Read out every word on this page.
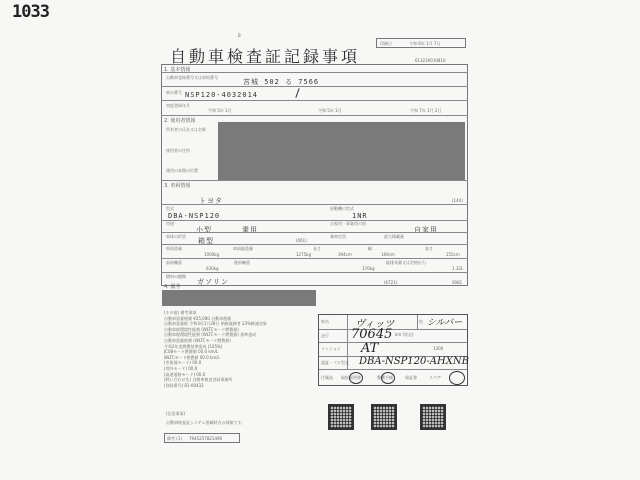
1033
B
自動車検査証記録事項
印刷日	令和 6年 1月 7日
613230010810
1. 基本情報
自動車登録番号又は車両番号
宮城 502 る 7566
車台番号 NSP120-4032014
初度登録年月
令和 5年 1月	令和 5年 1月	令和 7年 1月 2日
2. 使用者情報
所有者の氏名又は名称
使用者の住所
使用の本拠の位置
3. 車両情報
トヨタ	(144)
型式
DBA-NSP120
原動機の型式
1NR
用途
小型	乗用
自家用・事業用の別
自家用
車体の形状
箱型	(061)
乗車定員	最大積載量
車両重量
1000kg
車両総重量
1275kg
長さ
394cm
幅
169cm
高さ
155cm
前前軸重
630kg
後前軸重
370kg
総排気量又は定格出力
1.32L
燃料の種類
ガソリン	(6721)	0081
4. 備考
(その他) 備考事項
自動車重量税額 ¥25,000 自動車税額
自動車重量税 令和3年1月28日 納税義務者 23%軽減対象
自動車税環境性能割 (WLTCモード燃費値)
自動車税環境性能割 (WLTCモード燃費値) 基準達成
自動車重量税割 (WLTCモード燃費値)
令和2年度燃費基準達成 (105%)
JC08モード燃費値 00.0 km/L
WLTCモード燃費値 00.0 km/L
(市街地モード) 00.0
(郊外モード) 00.0
(高速道路モード) 00.0
(問い合わせ先) 自動車検査登録事務所
(登録番号) 81-00432
車名	ヴィッツ	色 シルバー
走行 70645 km (実走)
ミッション AT	1300
認証・フル型式 DBA-NSP120-AHXNB
付属品 取扱説明書	整備手帳	保証書	スペア
(注意事項)
自動車検査証システム搭載時点の情報です。
備考 (1) 7945257821496
